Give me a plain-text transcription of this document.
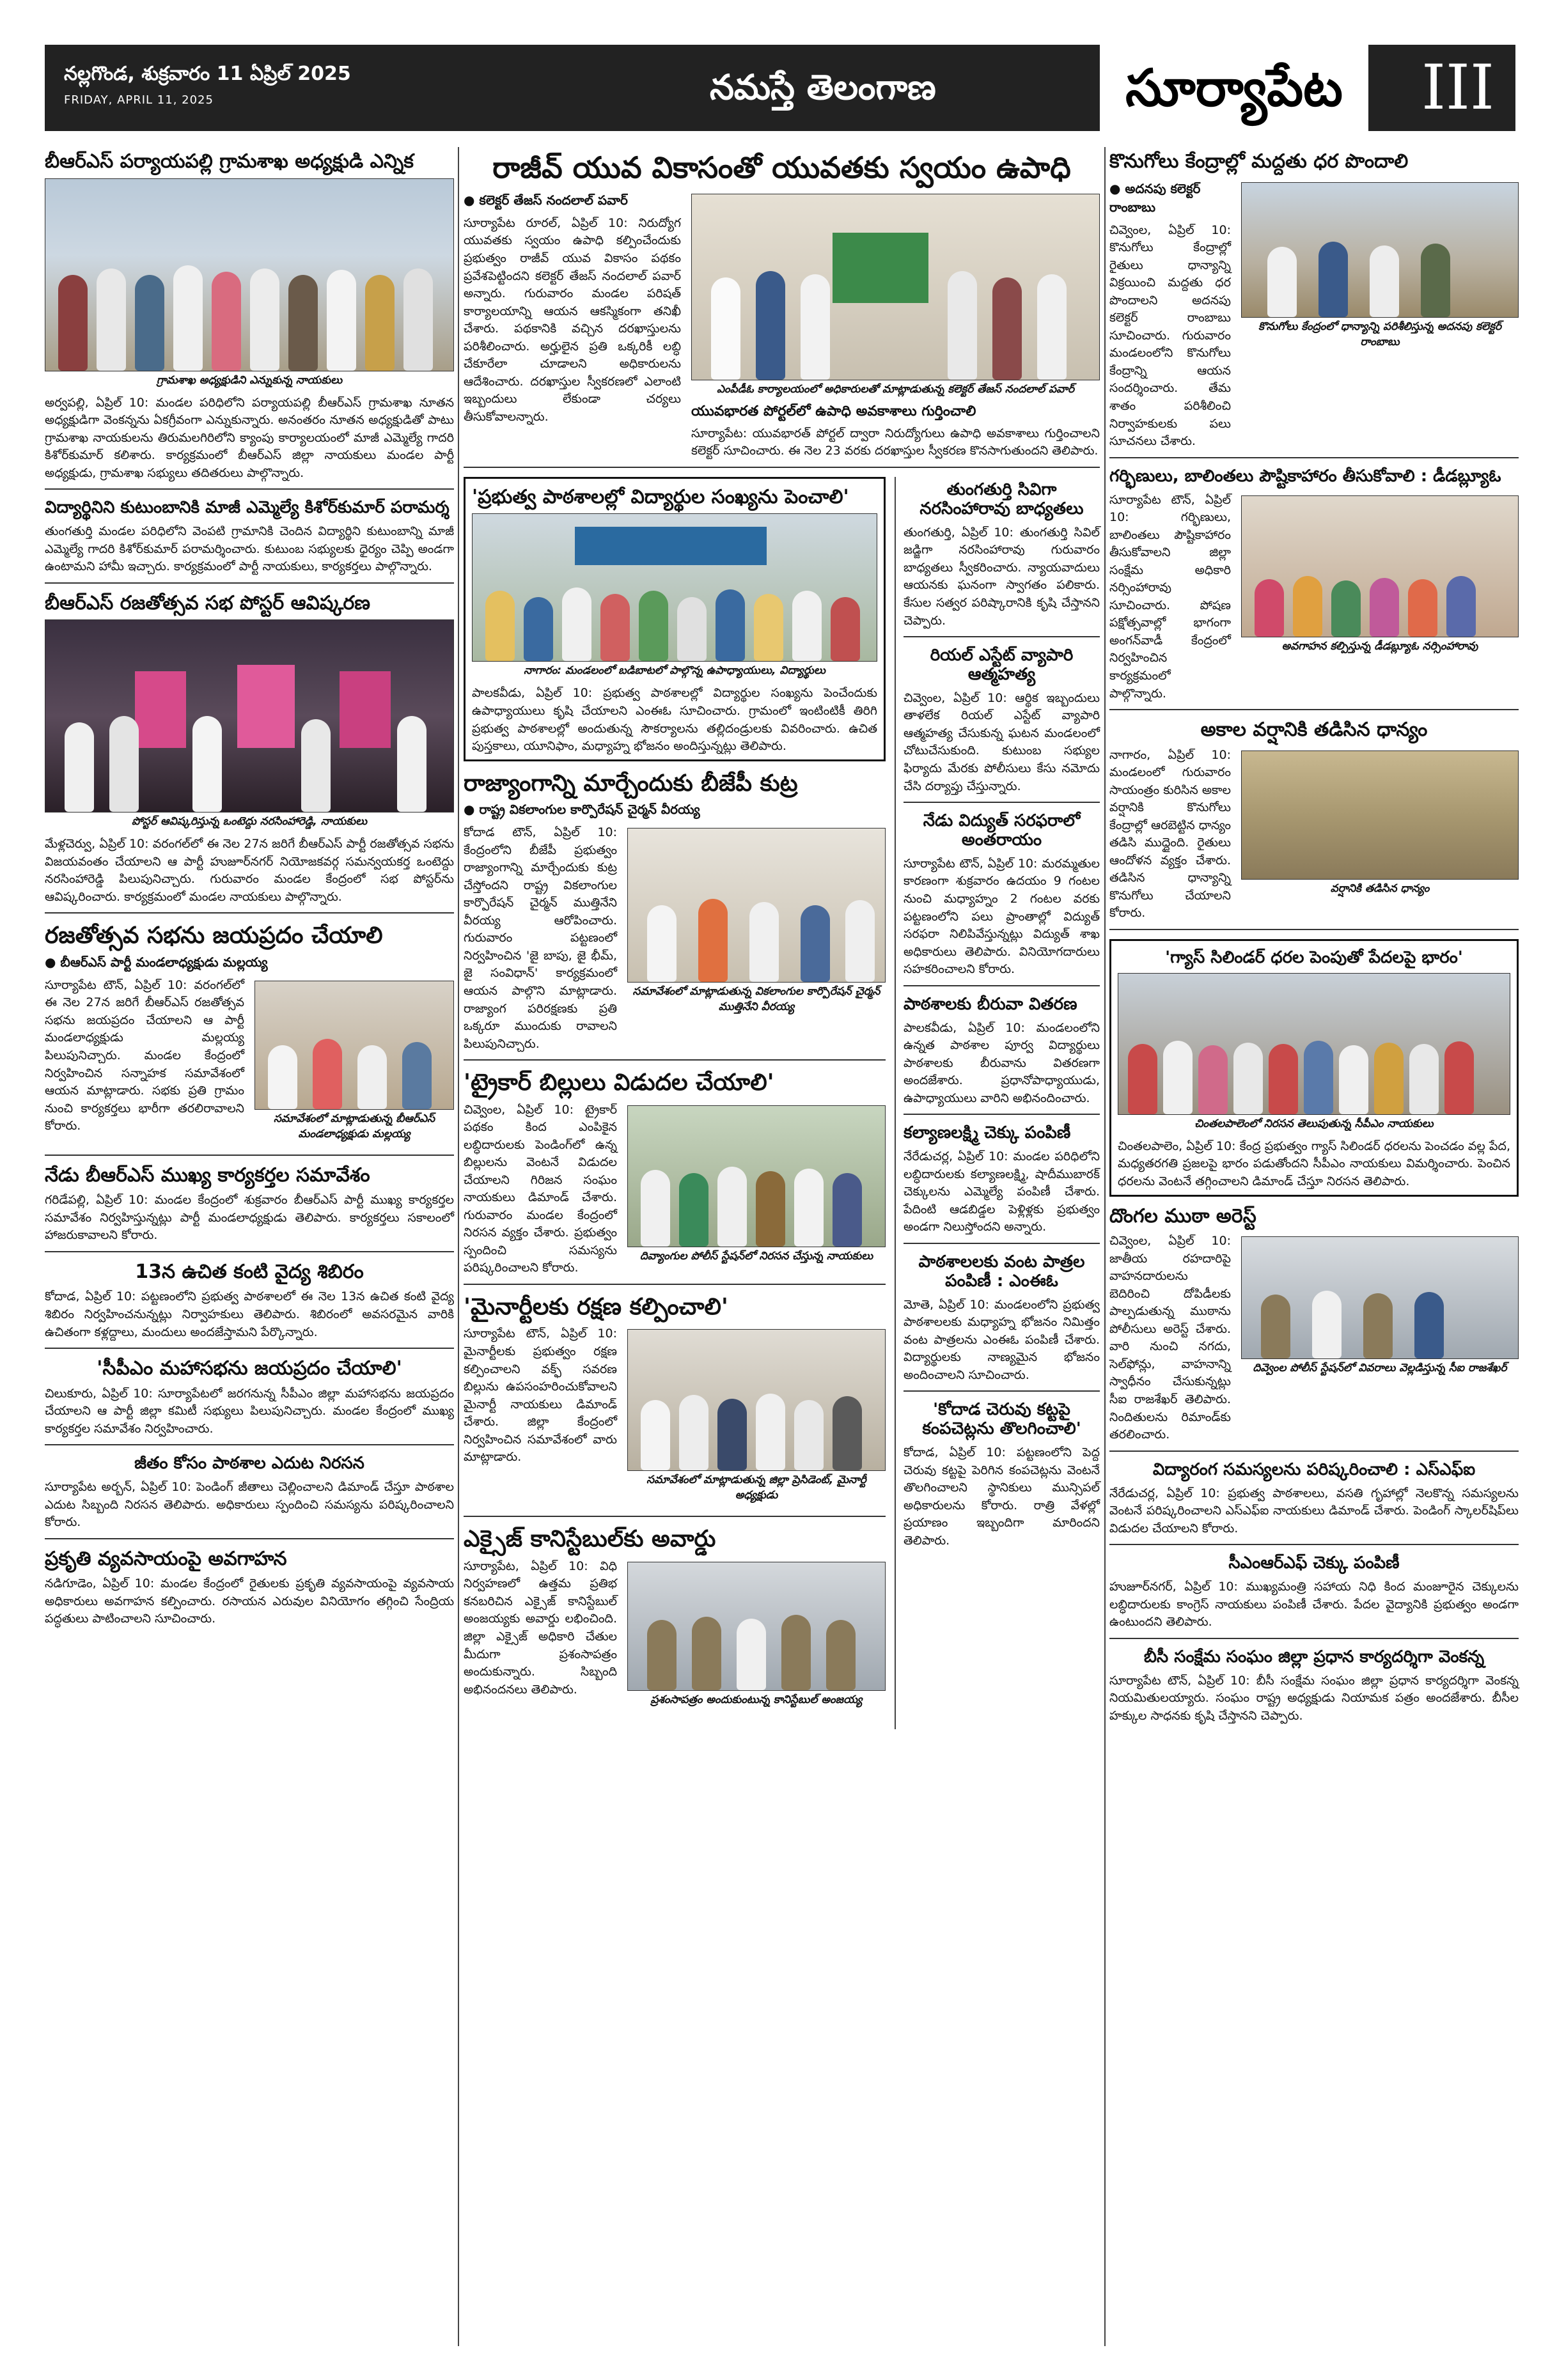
నల్లగొండ, శుక్రవారం 11 ఏప్రిల్ 2025
FRIDAY, APRIL 11, 2025	నమస్తే తెలంగాణ	సూర్యాపేట	III
బీఆర్‌ఎస్ పర్యాయపల్లి గ్రామశాఖ అధ్యక్షుడి ఎన్నిక
గ్రామశాఖ అధ్యక్షుడిని ఎన్నుకున్న నాయకులు
అర్వపల్లి, ఏప్రిల్ 10: మండల పరిధిలోని పర్యాయపల్లి బీఆర్‌ఎస్ గ్రామశాఖ నూతన అధ్యక్షుడిగా వెంకన్నను ఏకగ్రీవంగా ఎన్నుకున్నారు. అనంతరం నూతన అధ్యక్షుడితో పాటు గ్రామశాఖ నాయకులను తిరుమలగిరిలోని క్యాంపు కార్యాలయంలో మాజీ ఎమ్మెల్యే గాదరి కిశోర్‌కుమార్ కలిశారు. కార్యక్రమంలో బీఆర్‌ఎస్ జిల్లా నాయకులు మండల పార్టీ అధ్యక్షుడు, గ్రామశాఖ సభ్యులు తదితరులు పాల్గొన్నారు.
విద్యార్థినిని కుటుంబానికి మాజీ ఎమ్మెల్యే కిశోర్‌కుమార్ పరామర్శ
తుంగతుర్తి మండల పరిధిలోని వెంపటి గ్రామానికి చెందిన విద్యార్థిని కుటుంబాన్ని మాజీ ఎమ్మెల్యే గాదరి కిశోర్‌కుమార్ పరామర్శించారు. కుటుంబ సభ్యులకు ధైర్యం చెప్పి అండగా ఉంటామని హామీ ఇచ్చారు. కార్యక్రమంలో పార్టీ నాయకులు, కార్యకర్తలు పాల్గొన్నారు.
బీఆర్‌ఎస్ రజతోత్సవ సభ పోస్టర్ ఆవిష్కరణ
పోస్టర్ ఆవిష్కరిస్తున్న ఒంటెద్దు నరసింహారెడ్డి, నాయకులు
మేళ్లచెర్వు, ఏప్రిల్ 10: వరంగల్‌లో ఈ నెల 27న జరిగే బీఆర్‌ఎస్ పార్టీ రజతోత్సవ సభను విజయవంతం చేయాలని ఆ పార్టీ హుజూర్‌నగర్ నియోజకవర్గ సమన్వయకర్త ఒంటెద్దు నరసింహారెడ్డి పిలుపునిచ్చారు. గురువారం మండల కేంద్రంలో సభ పోస్టర్‌ను ఆవిష్కరించారు. కార్యక్రమంలో మండల నాయకులు పాల్గొన్నారు.
రజతోత్సవ సభను జయప్రదం చేయాలి
● బీఆర్‌ఎస్ పార్టీ మండలాధ్యక్షుడు మల్లయ్య
సూర్యాపేట టౌన్, ఏప్రిల్ 10: వరంగల్‌లో ఈ నెల 27న జరిగే బీఆర్‌ఎస్ రజతోత్సవ సభను జయప్రదం చేయాలని ఆ పార్టీ మండలాధ్యక్షుడు మల్లయ్య పిలుపునిచ్చారు. మండల కేంద్రంలో నిర్వహించిన సన్నాహక సమావేశంలో ఆయన మాట్లాడారు. సభకు ప్రతి గ్రామం నుంచి కార్యకర్తలు భారీగా తరలిరావాలని కోరారు.
సమావేశంలో మాట్లాడుతున్న బీఆర్‌ఎస్ మండలాధ్యక్షుడు మల్లయ్య
నేడు బీఆర్‌ఎస్ ముఖ్య కార్యకర్తల సమావేశం
గరిడేపల్లి, ఏప్రిల్ 10: మండల కేంద్రంలో శుక్రవారం బీఆర్‌ఎస్ పార్టీ ముఖ్య కార్యకర్తల సమావేశం నిర్వహిస్తున్నట్లు పార్టీ మండలాధ్యక్షుడు తెలిపారు. కార్యకర్తలు సకాలంలో హాజరుకావాలని కోరారు.
13న ఉచిత కంటి వైద్య శిబిరం
కోదాడ, ఏప్రిల్ 10: పట్టణంలోని ప్రభుత్వ పాఠశాలలో ఈ నెల 13న ఉచిత కంటి వైద్య శిబిరం నిర్వహించనున్నట్లు నిర్వాహకులు తెలిపారు. శిబిరంలో అవసరమైన వారికి ఉచితంగా కళ్లద్దాలు, మందులు అందజేస్తామని పేర్కొన్నారు.
'సీపీఎం మహాసభను జయప్రదం చేయాలి'
చిలుకూరు, ఏప్రిల్ 10: సూర్యాపేటలో జరగనున్న సీపీఎం జిల్లా మహాసభను జయప్రదం చేయాలని ఆ పార్టీ జిల్లా కమిటీ సభ్యులు పిలుపునిచ్చారు. మండల కేంద్రంలో ముఖ్య కార్యకర్తల సమావేశం నిర్వహించారు.
జీతం కోసం పాఠశాల ఎదుట నిరసన
సూర్యాపేట అర్బన్, ఏప్రిల్ 10: పెండింగ్ జీతాలు చెల్లించాలని డిమాండ్ చేస్తూ పాఠశాల ఎదుట సిబ్బంది నిరసన తెలిపారు. అధికారులు స్పందించి సమస్యను పరిష్కరించాలని కోరారు.
ప్రకృతి వ్యవసాయంపై అవగాహన
నడిగూడెం, ఏప్రిల్ 10: మండల కేంద్రంలో రైతులకు ప్రకృతి వ్యవసాయంపై వ్యవసాయ అధికారులు అవగాహన కల్పించారు. రసాయన ఎరువుల వినియోగం తగ్గించి సేంద్రియ పద్ధతులు పాటించాలని సూచించారు.
రాజీవ్ యువ వికాసంతో యువతకు స్వయం ఉపాధి
● కలెక్టర్ తేజస్ నందలాల్ పవార్
సూర్యాపేట రూరల్, ఏప్రిల్ 10: నిరుద్యోగ యువతకు స్వయం ఉపాధి కల్పించేందుకు ప్రభుత్వం రాజీవ్ యువ వికాసం పథకం ప్రవేశపెట్టిందని కలెక్టర్ తేజస్ నందలాల్ పవార్ అన్నారు. గురువారం మండల పరిషత్ కార్యాలయాన్ని ఆయన ఆకస్మికంగా తనిఖీ చేశారు. పథకానికి వచ్చిన దరఖాస్తులను పరిశీలించారు. అర్హులైన ప్రతి ఒక్కరికీ లబ్ధి చేకూరేలా చూడాలని అధికారులను ఆదేశించారు. దరఖాస్తుల స్వీకరణలో ఎలాంటి ఇబ్బందులు లేకుండా చర్యలు తీసుకోవాలన్నారు.
ఎంపీడీఓ కార్యాలయంలో అధికారులతో మాట్లాడుతున్న కలెక్టర్ తేజస్ నందలాల్ పవార్
యువభారత పోర్టల్‌లో ఉపాధి అవకాశాలు గుర్తించాలి
సూర్యాపేట: యువభారత్ పోర్టల్ ద్వారా నిరుద్యోగులు ఉపాధి అవకాశాలు గుర్తించాలని కలెక్టర్ సూచించారు. ఈ నెల 23 వరకు దరఖాస్తుల స్వీకరణ కొనసాగుతుందని తెలిపారు.
'ప్రభుత్వ పాఠశాలల్లో విద్యార్థుల సంఖ్యను పెంచాలి'
నాగారం: మండలంలో బడిబాటలో పాల్గొన్న ఉపాధ్యాయులు, విద్యార్థులు
పాలకవీడు, ఏప్రిల్ 10: ప్రభుత్వ పాఠశాలల్లో విద్యార్థుల సంఖ్యను పెంచేందుకు ఉపాధ్యాయులు కృషి చేయాలని ఎంఈఓ సూచించారు. గ్రామంలో ఇంటింటికీ తిరిగి ప్రభుత్వ పాఠశాలల్లో అందుతున్న సౌకర్యాలను తల్లిదండ్రులకు వివరించారు. ఉచిత పుస్తకాలు, యూనిఫాం, మధ్యాహ్న భోజనం అందిస్తున్నట్లు తెలిపారు.
రాజ్యాంగాన్ని మార్చేందుకు బీజేపీ కుట్ర
● రాష్ట్ర వికలాంగుల కార్పొరేషన్ చైర్మన్ వీరయ్య
కోదాడ టౌన్, ఏప్రిల్ 10: కేంద్రంలోని బీజేపీ ప్రభుత్వం రాజ్యాంగాన్ని మార్చేందుకు కుట్ర చేస్తోందని రాష్ట్ర వికలాంగుల కార్పొరేషన్ చైర్మన్ ముత్తినేని వీరయ్య ఆరోపించారు. గురువారం పట్టణంలో నిర్వహించిన 'జై బాపు, జై భీమ్, జై సంవిధాన్' కార్యక్రమంలో ఆయన పాల్గొని మాట్లాడారు. రాజ్యాంగ పరిరక్షణకు ప్రతి ఒక్కరూ ముందుకు రావాలని పిలుపునిచ్చారు.
సమావేశంలో మాట్లాడుతున్న వికలాంగుల కార్పొరేషన్ చైర్మన్ ముత్తినేని వీరయ్య
'ట్రైకార్ బిల్లులు విడుదల చేయాలి'
చివ్వెంల, ఏప్రిల్ 10: ట్రైకార్ పథకం కింద ఎంపికైన లబ్ధిదారులకు పెండింగ్‌లో ఉన్న బిల్లులను వెంటనే విడుదల చేయాలని గిరిజన సంఘం నాయకులు డిమాండ్ చేశారు. గురువారం మండల కేంద్రంలో నిరసన వ్యక్తం చేశారు. ప్రభుత్వం స్పందించి సమస్యను పరిష్కరించాలని కోరారు.
దివ్యాంగుల పోలీస్ స్టేషన్‌లో నిరసన చేస్తున్న నాయకులు
'మైనార్టీలకు రక్షణ కల్పించాలి'
సూర్యాపేట టౌన్, ఏప్రిల్ 10: మైనార్టీలకు ప్రభుత్వం రక్షణ కల్పించాలని వక్ఫ్ సవరణ బిల్లును ఉపసంహరించుకోవాలని మైనార్టీ నాయకులు డిమాండ్ చేశారు. జిల్లా కేంద్రంలో నిర్వహించిన సమావేశంలో వారు మాట్లాడారు.
సమావేశంలో మాట్లాడుతున్న జిల్లా ప్రెసిడెంట్, మైనార్టీ అధ్యక్షుడు
ఎక్సైజ్ కానిస్టేబుల్‌కు అవార్డు
సూర్యాపేట, ఏప్రిల్ 10: విధి నిర్వహణలో ఉత్తమ ప్రతిభ కనబరిచిన ఎక్సైజ్ కానిస్టేబుల్ అంజయ్యకు అవార్డు లభించింది. జిల్లా ఎక్సైజ్ అధికారి చేతుల మీదుగా ప్రశంసాపత్రం అందుకున్నారు. సిబ్బంది అభినందనలు తెలిపారు.
ప్రశంసాపత్రం అందుకుంటున్న కానిస్టేబుల్ అంజయ్య
తుంగతుర్తి సివిగా నరసింహారావు బాధ్యతలు
తుంగతుర్తి, ఏప్రిల్ 10: తుంగతుర్తి సివిల్ జడ్జిగా నరసింహారావు గురువారం బాధ్యతలు స్వీకరించారు. న్యాయవాదులు ఆయనకు ఘనంగా స్వాగతం పలికారు. కేసుల సత్వర పరిష్కారానికి కృషి చేస్తానని చెప్పారు.
రియల్ ఎస్టేట్ వ్యాపారి ఆత్మహత్య
చివ్వెంల, ఏప్రిల్ 10: ఆర్థిక ఇబ్బందులు తాళలేక రియల్ ఎస్టేట్ వ్యాపారి ఆత్మహత్య చేసుకున్న ఘటన మండలంలో చోటుచేసుకుంది. కుటుంబ సభ్యుల ఫిర్యాదు మేరకు పోలీసులు కేసు నమోదు చేసి దర్యాప్తు చేస్తున్నారు.
నేడు విద్యుత్ సరఫరాలో అంతరాయం
సూర్యాపేట టౌన్, ఏప్రిల్ 10: మరమ్మతుల కారణంగా శుక్రవారం ఉదయం 9 గంటల నుంచి మధ్యాహ్నం 2 గంటల వరకు పట్టణంలోని పలు ప్రాంతాల్లో విద్యుత్ సరఫరా నిలిపివేస్తున్నట్లు విద్యుత్ శాఖ అధికారులు తెలిపారు. వినియోగదారులు సహకరించాలని కోరారు.
పాఠశాలకు బీరువా వితరణ
పాలకవీడు, ఏప్రిల్ 10: మండలంలోని ఉన్నత పాఠశాల పూర్వ విద్యార్థులు పాఠశాలకు బీరువాను వితరణగా అందజేశారు. ప్రధానోపాధ్యాయుడు, ఉపాధ్యాయులు వారిని అభినందించారు.
కల్యాణలక్ష్మి చెక్కు పంపిణీ
నేరేడుచర్ల, ఏప్రిల్ 10: మండల పరిధిలోని లబ్ధిదారులకు కల్యాణలక్ష్మి, షాదీముబారక్ చెక్కులను ఎమ్మెల్యే పంపిణీ చేశారు. పేదింటి ఆడబిడ్డల పెళ్లిళ్లకు ప్రభుత్వం అండగా నిలుస్తోందని అన్నారు.
పాఠశాలలకు వంట పాత్రల పంపిణీ : ఎంఈఓ
మోతె, ఏప్రిల్ 10: మండలంలోని ప్రభుత్వ పాఠశాలలకు మధ్యాహ్న భోజనం నిమిత్తం వంట పాత్రలను ఎంఈఓ పంపిణీ చేశారు. విద్యార్థులకు నాణ్యమైన భోజనం అందించాలని సూచించారు.
'కోదాడ చెరువు కట్టపై కంపచెట్లను తొలగించాలి'
కోదాడ, ఏప్రిల్ 10: పట్టణంలోని పెద్ద చెరువు కట్టపై పెరిగిన కంపచెట్లను వెంటనే తొలగించాలని స్థానికులు మున్సిపల్ అధికారులను కోరారు. రాత్రి వేళల్లో ప్రయాణం ఇబ్బందిగా మారిందని తెలిపారు.
కొనుగోలు కేంద్రాల్లో మద్దతు ధర పొందాలి
● అదనపు కలెక్టర్ రాంబాబు
చివ్వెంల, ఏప్రిల్ 10: కొనుగోలు కేంద్రాల్లో రైతులు ధాన్యాన్ని విక్రయించి మద్దతు ధర పొందాలని అదనపు కలెక్టర్ రాంబాబు సూచించారు. గురువారం మండలంలోని కొనుగోలు కేంద్రాన్ని ఆయన సందర్శించారు. తేమ శాతం పరిశీలించి నిర్వాహకులకు పలు సూచనలు చేశారు.
కొనుగోలు కేంద్రంలో ధాన్యాన్ని పరిశీలిస్తున్న అదనపు కలెక్టర్ రాంబాబు
గర్భిణులు, బాలింతలు పౌష్టికాహారం తీసుకోవాలి : డీడబ్ల్యూఓ
సూర్యాపేట టౌన్, ఏప్రిల్ 10: గర్భిణులు, బాలింతలు పౌష్టికాహారం తీసుకోవాలని జిల్లా సంక్షేమ అధికారి నర్సింహారావు సూచించారు. పోషణ పక్షోత్సవాల్లో భాగంగా అంగన్‌వాడీ కేంద్రంలో నిర్వహించిన కార్యక్రమంలో పాల్గొన్నారు.
అవగాహన కల్పిస్తున్న డీడబ్ల్యూఓ నర్సింహారావు
అకాల వర్షానికి తడిసిన ధాన్యం
నాగారం, ఏప్రిల్ 10: మండలంలో గురువారం సాయంత్రం కురిసిన అకాల వర్షానికి కొనుగోలు కేంద్రాల్లో ఆరబెట్టిన ధాన్యం తడిసి ముద్దైంది. రైతులు ఆందోళన వ్యక్తం చేశారు. తడిసిన ధాన్యాన్ని కొనుగోలు చేయాలని కోరారు.
వర్షానికి తడిసిన ధాన్యం
'గ్యాస్ సిలిండర్ ధరల పెంపుతో పేదలపై భారం'
చింతలపాలెంలో నిరసన తెలుపుతున్న సీపీఎం నాయకులు
చింతలపాలెం, ఏప్రిల్ 10: కేంద్ర ప్రభుత్వం గ్యాస్ సిలిండర్ ధరలను పెంచడం వల్ల పేద, మధ్యతరగతి ప్రజలపై భారం పడుతోందని సీపీఎం నాయకులు విమర్శించారు. పెంచిన ధరలను వెంటనే తగ్గించాలని డిమాండ్ చేస్తూ నిరసన తెలిపారు.
దొంగల ముఠా అరెస్ట్
చివ్వెంల, ఏప్రిల్ 10: జాతీయ రహదారిపై వాహనదారులను బెదిరించి దోపిడీలకు పాల్పడుతున్న ముఠాను పోలీసులు అరెస్ట్ చేశారు. వారి నుంచి నగదు, సెల్‌ఫోన్లు, వాహనాన్ని స్వాధీనం చేసుకున్నట్లు సీఐ రాజశేఖర్ తెలిపారు. నిందితులను రిమాండ్‌కు తరలించారు.
దివ్వెంల పోలీస్ స్టేషన్‌లో వివరాలు వెల్లడిస్తున్న సీఐ రాజశేఖర్
విద్యారంగ సమస్యలను పరిష్కరించాలి : ఎస్‌ఎఫ్‌ఐ
నేరేడుచర్ల, ఏప్రిల్ 10: ప్రభుత్వ పాఠశాలలు, వసతి గృహాల్లో నెలకొన్న సమస్యలను వెంటనే పరిష్కరించాలని ఎస్‌ఎఫ్‌ఐ నాయకులు డిమాండ్ చేశారు. పెండింగ్ స్కాలర్‌షిప్‌లు విడుదల చేయాలని కోరారు.
సీఎంఆర్‌ఎఫ్ చెక్కు పంపిణీ
హుజూర్‌నగర్, ఏప్రిల్ 10: ముఖ్యమంత్రి సహాయ నిధి కింద మంజూరైన చెక్కులను లబ్ధిదారులకు కాంగ్రెస్ నాయకులు పంపిణీ చేశారు. పేదల వైద్యానికి ప్రభుత్వం అండగా ఉంటుందని తెలిపారు.
బీసీ సంక్షేమ సంఘం జిల్లా ప్రధాన కార్యదర్శిగా వెంకన్న
సూర్యాపేట టౌన్, ఏప్రిల్ 10: బీసీ సంక్షేమ సంఘం జిల్లా ప్రధాన కార్యదర్శిగా వెంకన్న నియమితులయ్యారు. సంఘం రాష్ట్ర అధ్యక్షుడు నియామక పత్రం అందజేశారు. బీసీల హక్కుల సాధనకు కృషి చేస్తానని చెప్పారు.
